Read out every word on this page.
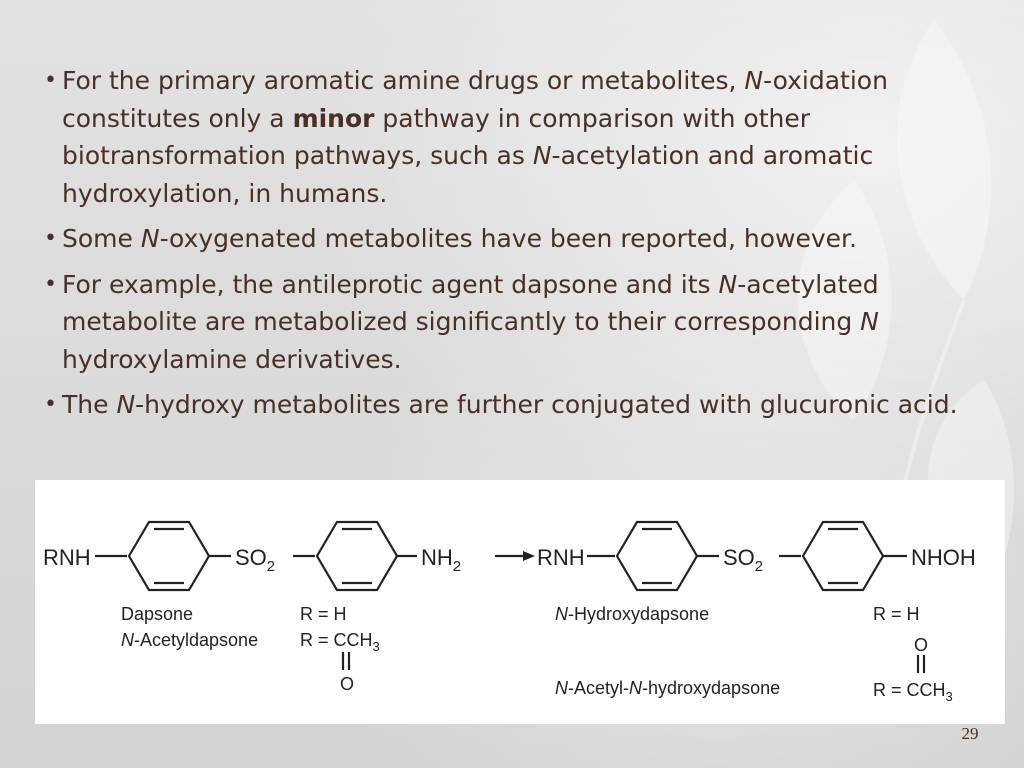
• For the primary aromatic amine drugs or metabolites, N-oxidation constitutes only a minor pathway in comparison with other biotransformation pathways, such as N-acetylation and aromatic hydroxylation, in humans.
• Some N-oxygenated metabolites have been reported, however.
• For example, the antileprotic agent dapsone and its N-acetylated metabolite are metabolized significantly to their corresponding N hydroxylamine derivatives.
• The N-hydroxy metabolites are further conjugated with glucuronic acid.
RNH	$SO_2$	$NH_2$	RNH	$SO_2$	NHOH
Dapsone
N-Acetyldapsone
R = H
$R = CCH_3$
O
N-Hydroxydapsone
N-Acetyl-N-hydroxydapsone
R = H
O
$R = CCH_3$
29
